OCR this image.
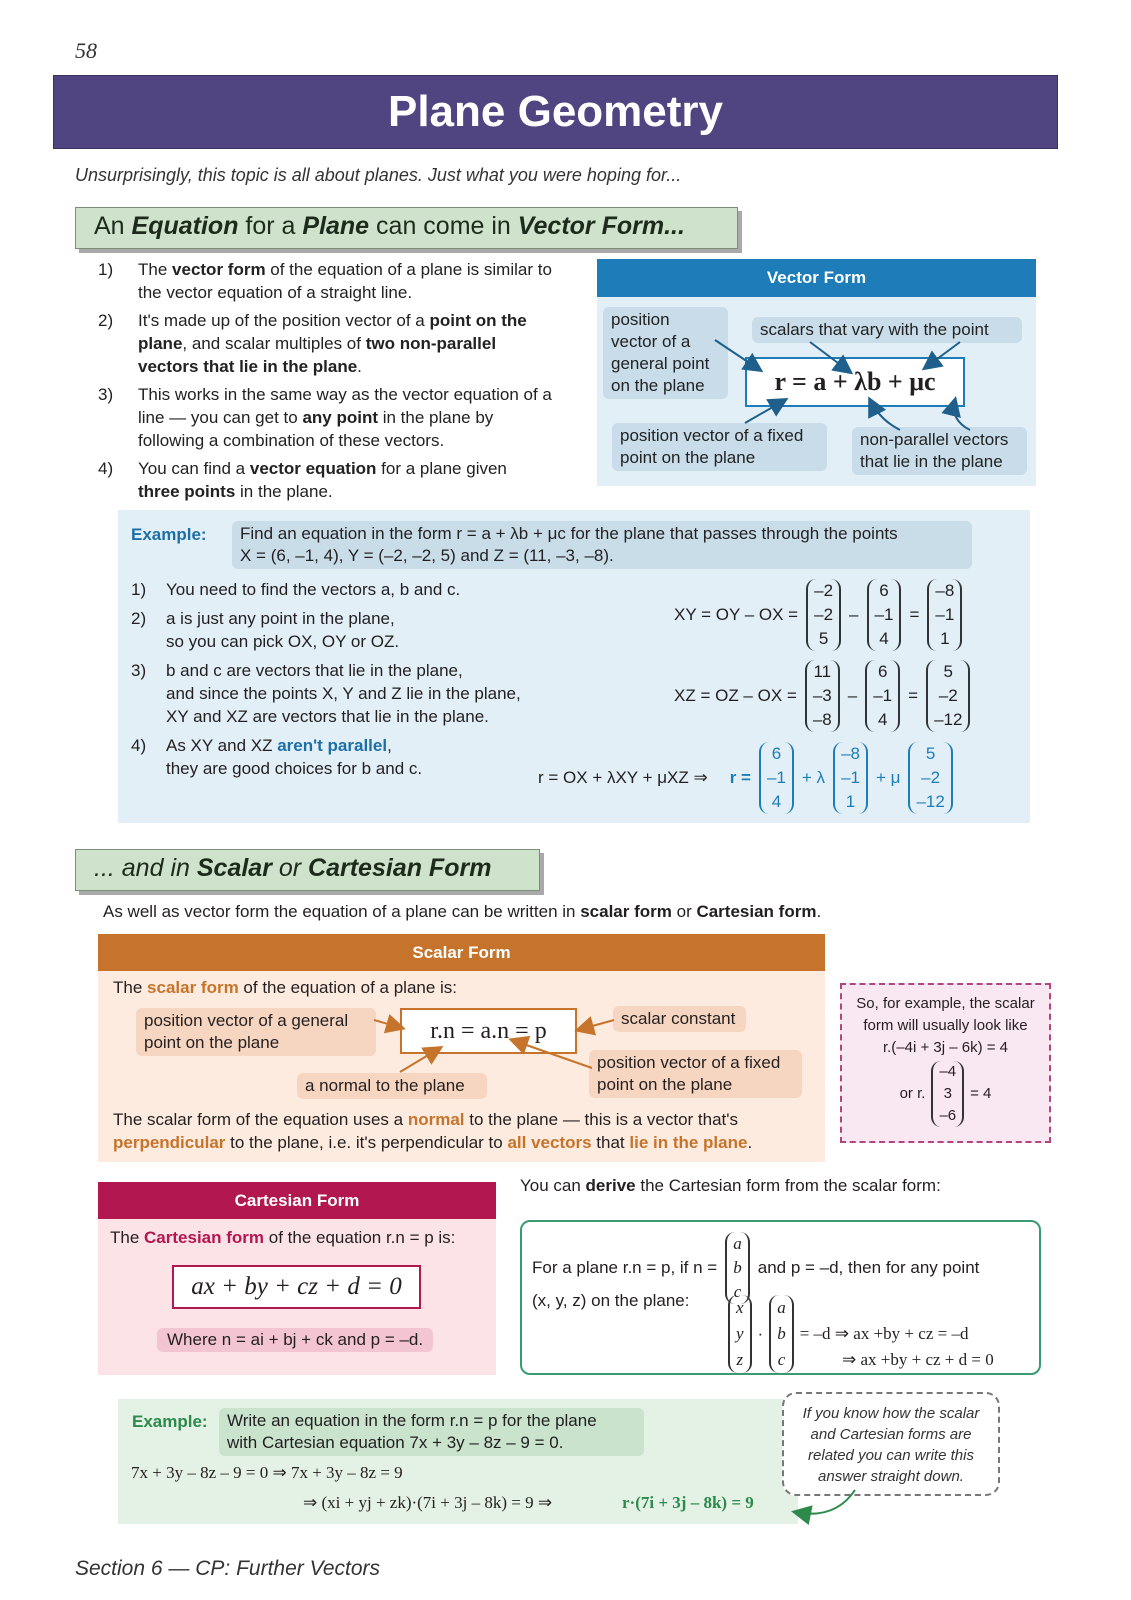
58
Plane Geometry
Unsurprisingly, this topic is all about planes. Just what you were hoping for...
An Equation for a Plane can come in Vector Form...
1) The vector form of the equation of a plane is similar to the vector equation of a straight line.
2) It's made up of the position vector of a point on the plane, and scalar multiples of two non-parallel vectors that lie in the plane.
3) This works in the same way as the vector equation of a line — you can get to any point in the plane by following a combination of these vectors.
4) You can find a vector equation for a plane given three points in the plane.
Vector Form
position vector of a general point on the plane
scalars that vary with the point
r = a + λb + μc
position vector of a fixed point on the plane
non-parallel vectors that lie in the plane
Example: Find an equation in the form r = a + λb + μc for the plane that passes through the points
X = (6, –1, 4), Y = (–2, –2, 5) and Z = (11, –3, –8).
1) You need to find the vectors a, b and c.
2) a is just any point in the plane,
so you can pick OX, OY or OZ.
3) b and c are vectors that lie in the plane,
and since the points X, Y and Z lie in the plane,
XY and XZ are vectors that lie in the plane.
4) As XY and XZ aren't parallel,
they are good choices for b and c.
XY = OY – OX =
–2
–2
5
–
6
–1
4
=
–8
–1
1
XZ = OZ – OX =
11
–3
–8
–
6
–1
4
=
5
–2
–12
r = OX + λXY + μXZ ⇒ r =
6
–1
4
+ λ
–8
–1
1
+ μ
5
–2
–12
... and in Scalar or Cartesian Form
As well as vector form the equation of a plane can be written in scalar form or Cartesian form.
Scalar Form
The scalar form of the equation of a plane is:
position vector of a general point on the plane	r.n = a.n = p	scalar constant
a normal to the plane
position vector of a fixed point on the plane
The scalar form of the equation uses a normal to the plane — this is a vector that's
perpendicular to the plane, i.e. it's perpendicular to all vectors that lie in the plane.
So, for example, the scalar
form will usually look like
r.(–4i + 3j – 6k) = 4
or r.
–4
3
–6
= 4
Cartesian Form
The Cartesian form of the equation r.n = p is:
ax + by + cz + d = 0
Where n = ai + bj + ck and p = –d.
You can derive the Cartesian form from the scalar form:
For a plane r.n = p, if n =
a
b
c
and p = –d, then for any point
(x, y, z) on the plane:	x
y
z
·
a
b
c
= –d ⇒ ax +by + cz = –d
⇒ ax +by + cz + d = 0
Example: Write an equation in the form r.n = p for the plane
with Cartesian equation 7x + 3y – 8z – 9 = 0.
7x + 3y – 8z – 9 = 0 ⇒ 7x + 3y – 8z = 9
⇒ (xi + yj + zk)·(7i + 3j – 8k) = 9 ⇒	r·(7i + 3j – 8k) = 9
If you know how the scalar
and Cartesian forms are
related you can write this
answer straight down.
Section 6 — CP: Further Vectors
